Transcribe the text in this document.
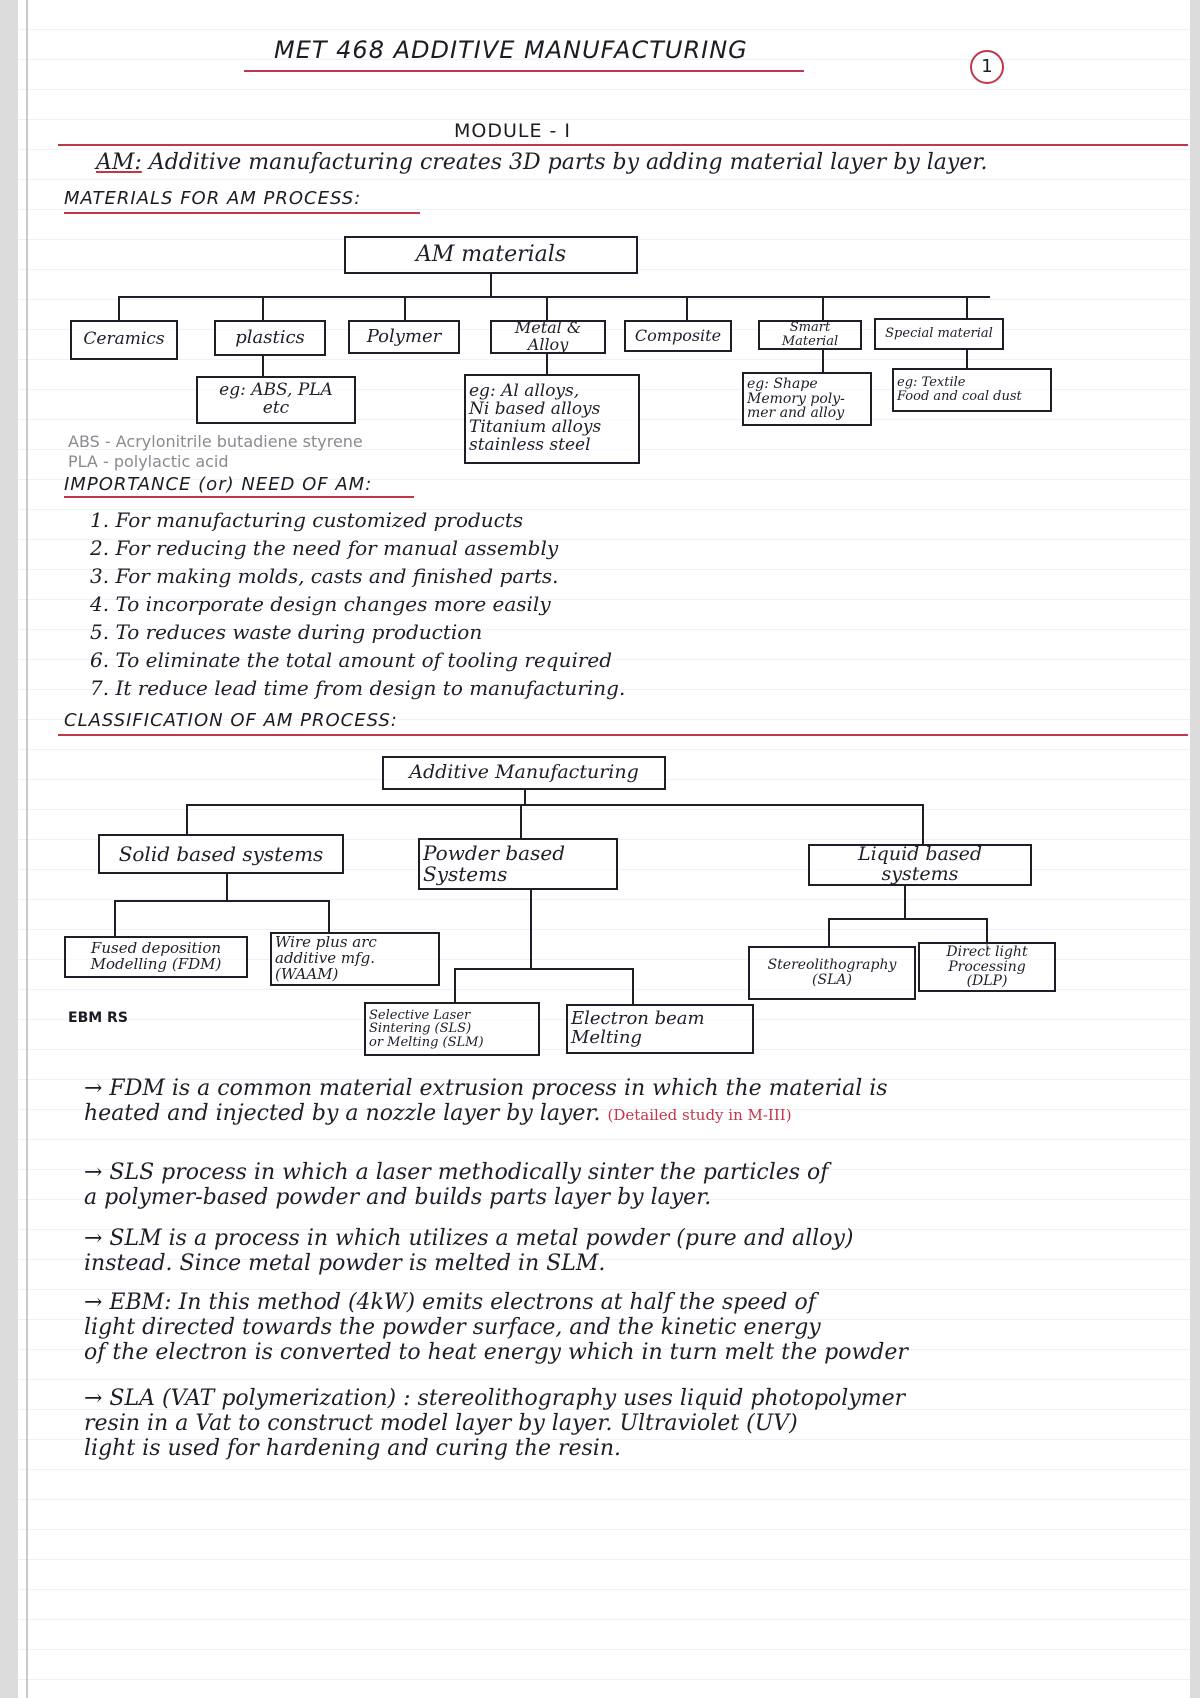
MET 468 ADDITIVE MANUFACTURING
1
MODULE - I
AM: Additive manufacturing creates 3D parts by adding material layer by layer.
MATERIALS FOR AM PROCESS:
AM materials
Ceramics	plastics	Polymer	Metal & Alloy	Composite	Smart Material
Special material
eg: ABS, PLA
etc
eg: Al alloys,
Ni based alloys
Titanium alloys
stainless steel
eg: Shape
Memory poly-
mer and alloy
eg: Textile
Food and coal dust
ABS - Acrylonitrile butadiene styrene
PLA - polylactic acid
IMPORTANCE (or) NEED OF AM:
1. For manufacturing customized products
2. For reducing the need for manual assembly
3. For making molds, casts and finished parts.
4. To incorporate design changes more easily
5. To reduces waste during production
6. To eliminate the total amount of tooling required
7. It reduce lead time from design to manufacturing.
CLASSIFICATION OF AM PROCESS:
Additive Manufacturing
Solid based systems	Powder based
Systems
Liquid based
systems
Fused deposition
Modelling (FDM)
Wire plus arc
additive mfg.
(WAAM)
Selective Laser
Sintering (SLS)
or Melting (SLM)
Electron beam
Melting
Stereolithography
(SLA)
Direct light
Processing
(DLP)
EBM RS
→ FDM is a common material extrusion process in which the material is
heated and injected by a nozzle layer by layer. (Detailed study in M-III)
→ SLS process in which a laser methodically sinter the particles of
a polymer-based powder and builds parts layer by layer.
→ SLM is a process in which utilizes a metal powder (pure and alloy)
instead. Since metal powder is melted in SLM.
→ EBM: In this method (4kW) emits electrons at half the speed of
light directed towards the powder surface, and the kinetic energy
of the electron is converted to heat energy which in turn melt the powder
→ SLA (VAT polymerization) : stereolithography uses liquid photopolymer
resin in a Vat to construct model layer by layer. Ultraviolet (UV)
light is used for hardening and curing the resin.
